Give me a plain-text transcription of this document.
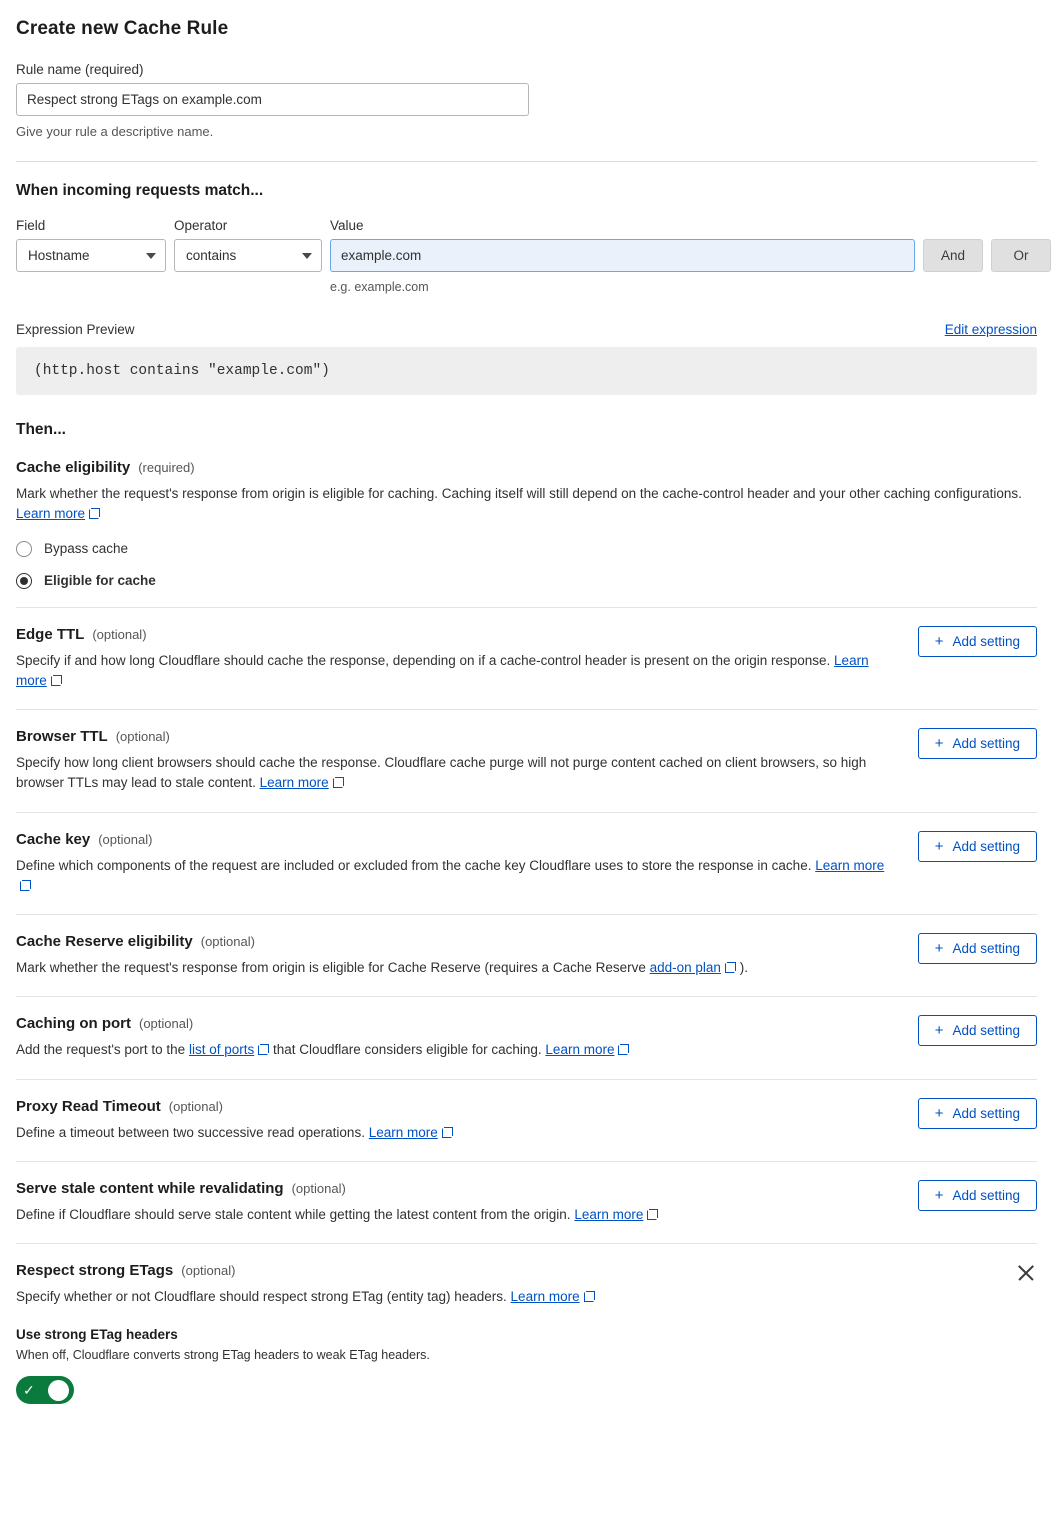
Create new Cache Rule
Rule name (required)
Respect strong ETags on example.com
Give your rule a descriptive name.
When incoming requests match...
Field
Hostname
Operator
contains
Value
example.com
e.g. example.com

And
	Or
Expression Preview	Edit expression
(http.host contains "example.com")
Then...
Cache eligibility (required)
Mark whether the request's response from origin is eligible for caching. Caching itself will still depend on the cache-control header and your other caching configurations. Learn more
Bypass cache
Eligible for cache
Edge TTL (optional)
Specify if and how long Cloudflare should cache the response, depending on if a cache-control header is present on the origin response. Learn more
+ Add setting
Browser TTL (optional)
Specify how long client browsers should cache the response. Cloudflare cache purge will not purge content cached on client browsers, so high browser TTLs may lead to stale content. Learn more
+ Add setting
Cache key (optional)
Define which components of the request are included or excluded from the cache key Cloudflare uses to store the response in cache. Learn more
+ Add setting
Cache Reserve eligibility (optional)
Mark whether the request's response from origin is eligible for Cache Reserve (requires a Cache Reserve add-on plan ).
+ Add setting
Caching on port (optional)
Add the request's port to the list of ports that Cloudflare considers eligible for caching. Learn more
+ Add setting
Proxy Read Timeout (optional)
Define a timeout between two successive read operations. Learn more
+ Add setting
Serve stale content while revalidating (optional)
Define if Cloudflare should serve stale content while getting the latest content from the origin. Learn more
+ Add setting
Respect strong ETags (optional)
Specify whether or not Cloudflare should respect strong ETag (entity tag) headers. Learn more
Use strong ETag headers
When off, Cloudflare converts strong ETag headers to weak ETag headers.
✓
